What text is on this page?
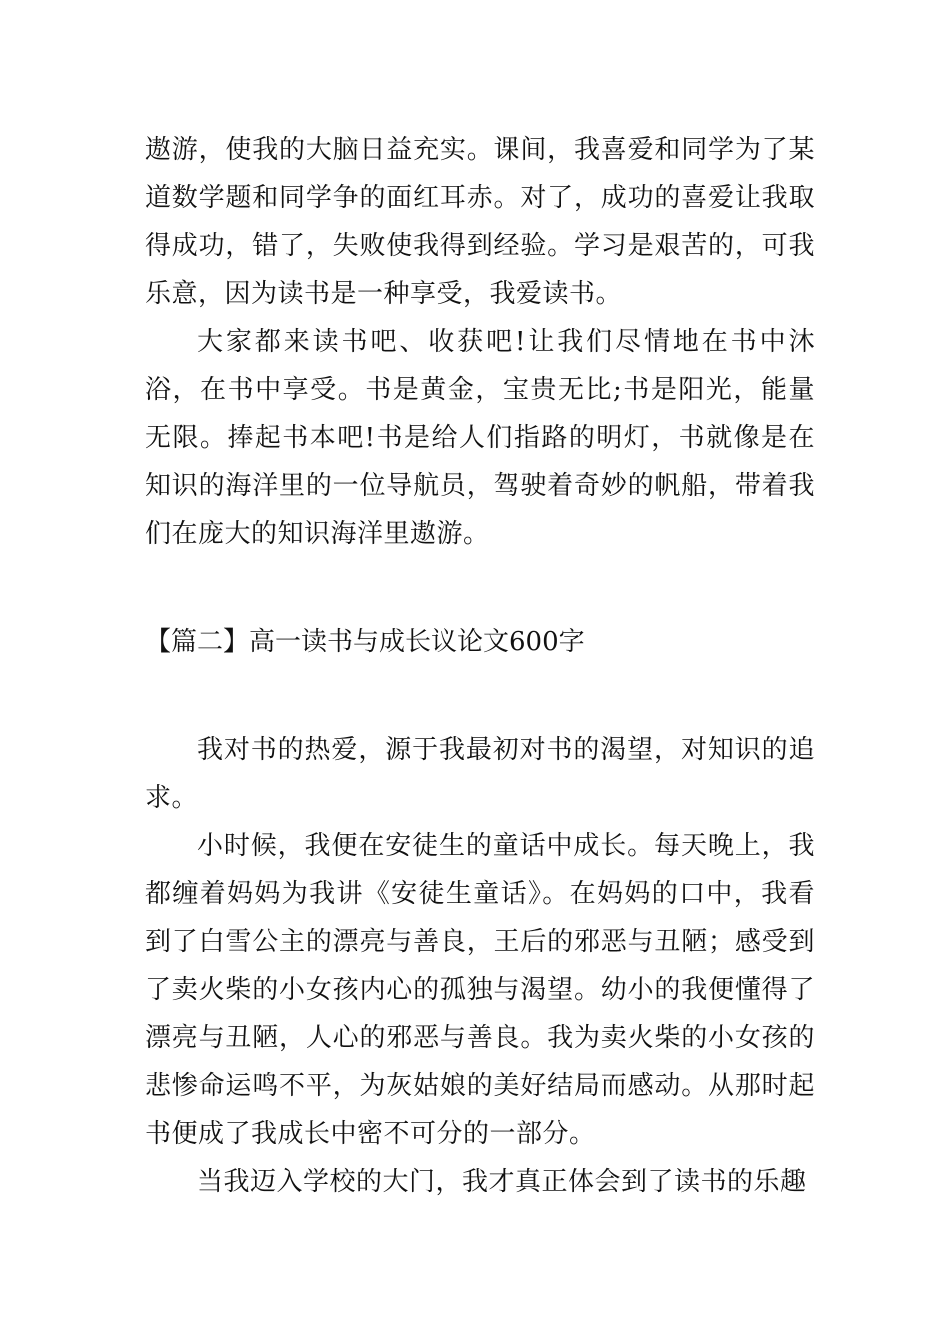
遨游，使我的大脑日益充实。课间，我喜爱和同学为了某道数学题和同学争的面红耳赤。对了，成功的喜爱让我取得成功，错了，失败使我得到经验。学习是艰苦的，可我乐意，因为读书是一种享受，我爱读书。

大家都来读书吧、收获吧!让我们尽情地在书中沐浴，在书中享受。书是黄金，宝贵无比;书是阳光，能量无限。捧起书本吧!书是给人们指路的明灯，书就像是在知识的海洋里的一位导航员，驾驶着奇妙的帆船，带着我们在庞大的知识海洋里遨游。

【篇二】高一读书与成长议论文600字

我对书的热爱，源于我最初对书的渴望，对知识的追求。

小时候，我便在安徒生的童话中成长。每天晚上，我都缠着妈妈为我讲《安徒生童话》。在妈妈的口中，我看到了白雪公主的漂亮与善良，王后的邪恶与丑陋；感受到了卖火柴的小女孩内心的孤独与渴望。幼小的我便懂得了漂亮与丑陋，人心的邪恶与善良。我为卖火柴的小女孩的悲惨命运鸣不平，为灰姑娘的美好结局而感动。从那时起书便成了我成长中密不可分的一部分。

当我迈入学校的大门，我才真正体会到了读书的乐趣
